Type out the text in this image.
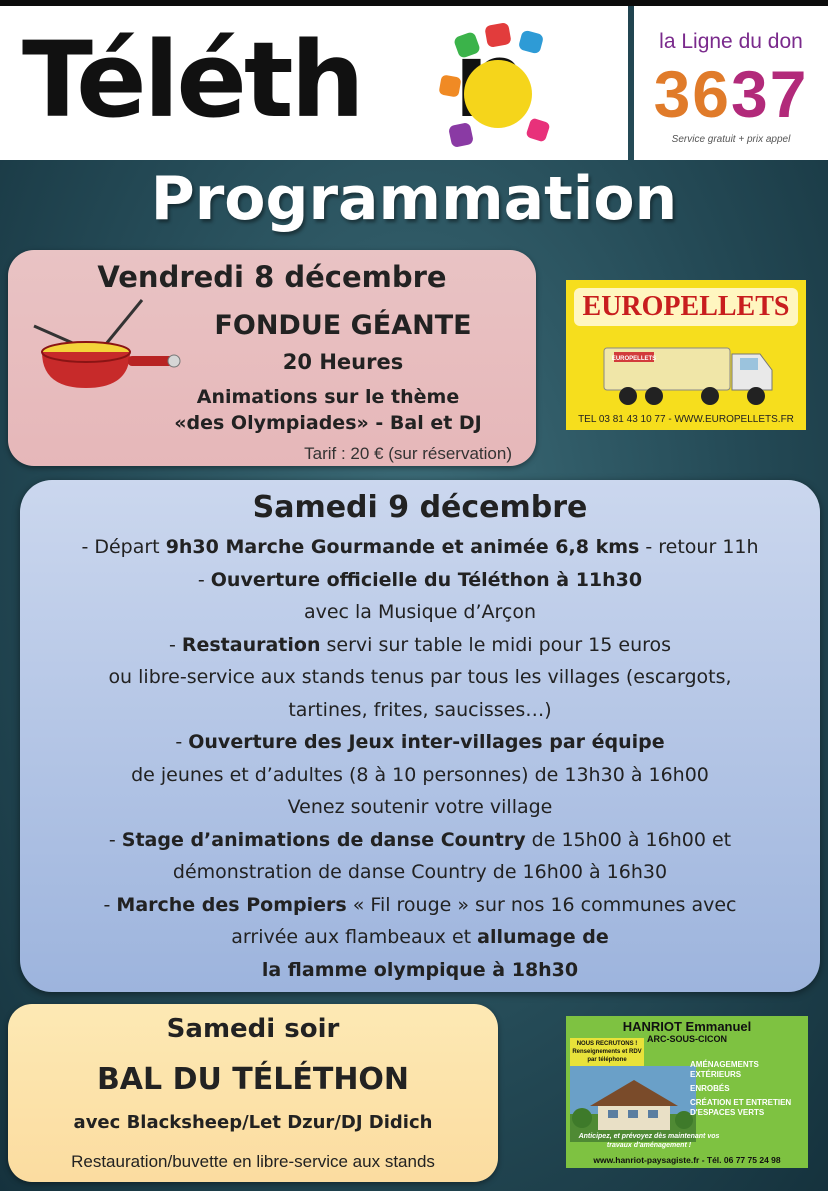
Téléth	la Ligne du don
3637
Service gratuit + prix appel
Programmation
Vendredi 8 décembre
FONDUE GÉANTE
20 Heures
Animations sur le thème
«des Olympiades» - Bal et DJ
Tarif : 20 € (sur réservation)
EUROPELLETS
EUROPELLETS
TEL 03 81 43 10 77 - WWW.EUROPELLETS.FR
Samedi 9 décembre
- Départ 9h30 Marche Gourmande et animée 6,8 kms - retour 11h
- Ouverture officielle du Téléthon à 11h30
avec la Musique d’Arçon
- Restauration servi sur table le midi pour 15 euros
ou libre-service aux stands tenus par tous les villages (escargots,
tartines, frites, saucisses…)
- Ouverture des Jeux inter-villages par équipe
de jeunes et d’adultes (8 à 10 personnes) de 13h30 à 16h00
Venez soutenir votre village
- Stage d’animations de danse Country de 15h00 à 16h00 et
démonstration de danse Country de 16h00 à 16h30
- Marche des Pompiers « Fil rouge » sur nos 16 communes avec
arrivée aux flambeaux et allumage de
la flamme olympique à 18h30
Samedi soir
BAL DU TÉLÉTHON
avec Blacksheep/Let Dzur/DJ Didich
Restauration/buvette en libre-service aux stands
HANRIOT Emmanuel
ARC-SOUS-CICON
NOUS RECRUTONS ! Renseignements et RDV par téléphone	AMÉNAGEMENTS EXTÉRIEURS
ENROBÉS
CRÉATION ET ENTRETIEN D'ESPACES VERTS
Anticipez, et prévoyez dès maintenant vos travaux d'aménagement !
www.hanriot-paysagiste.fr - Tél. 06 77 75 24 98
